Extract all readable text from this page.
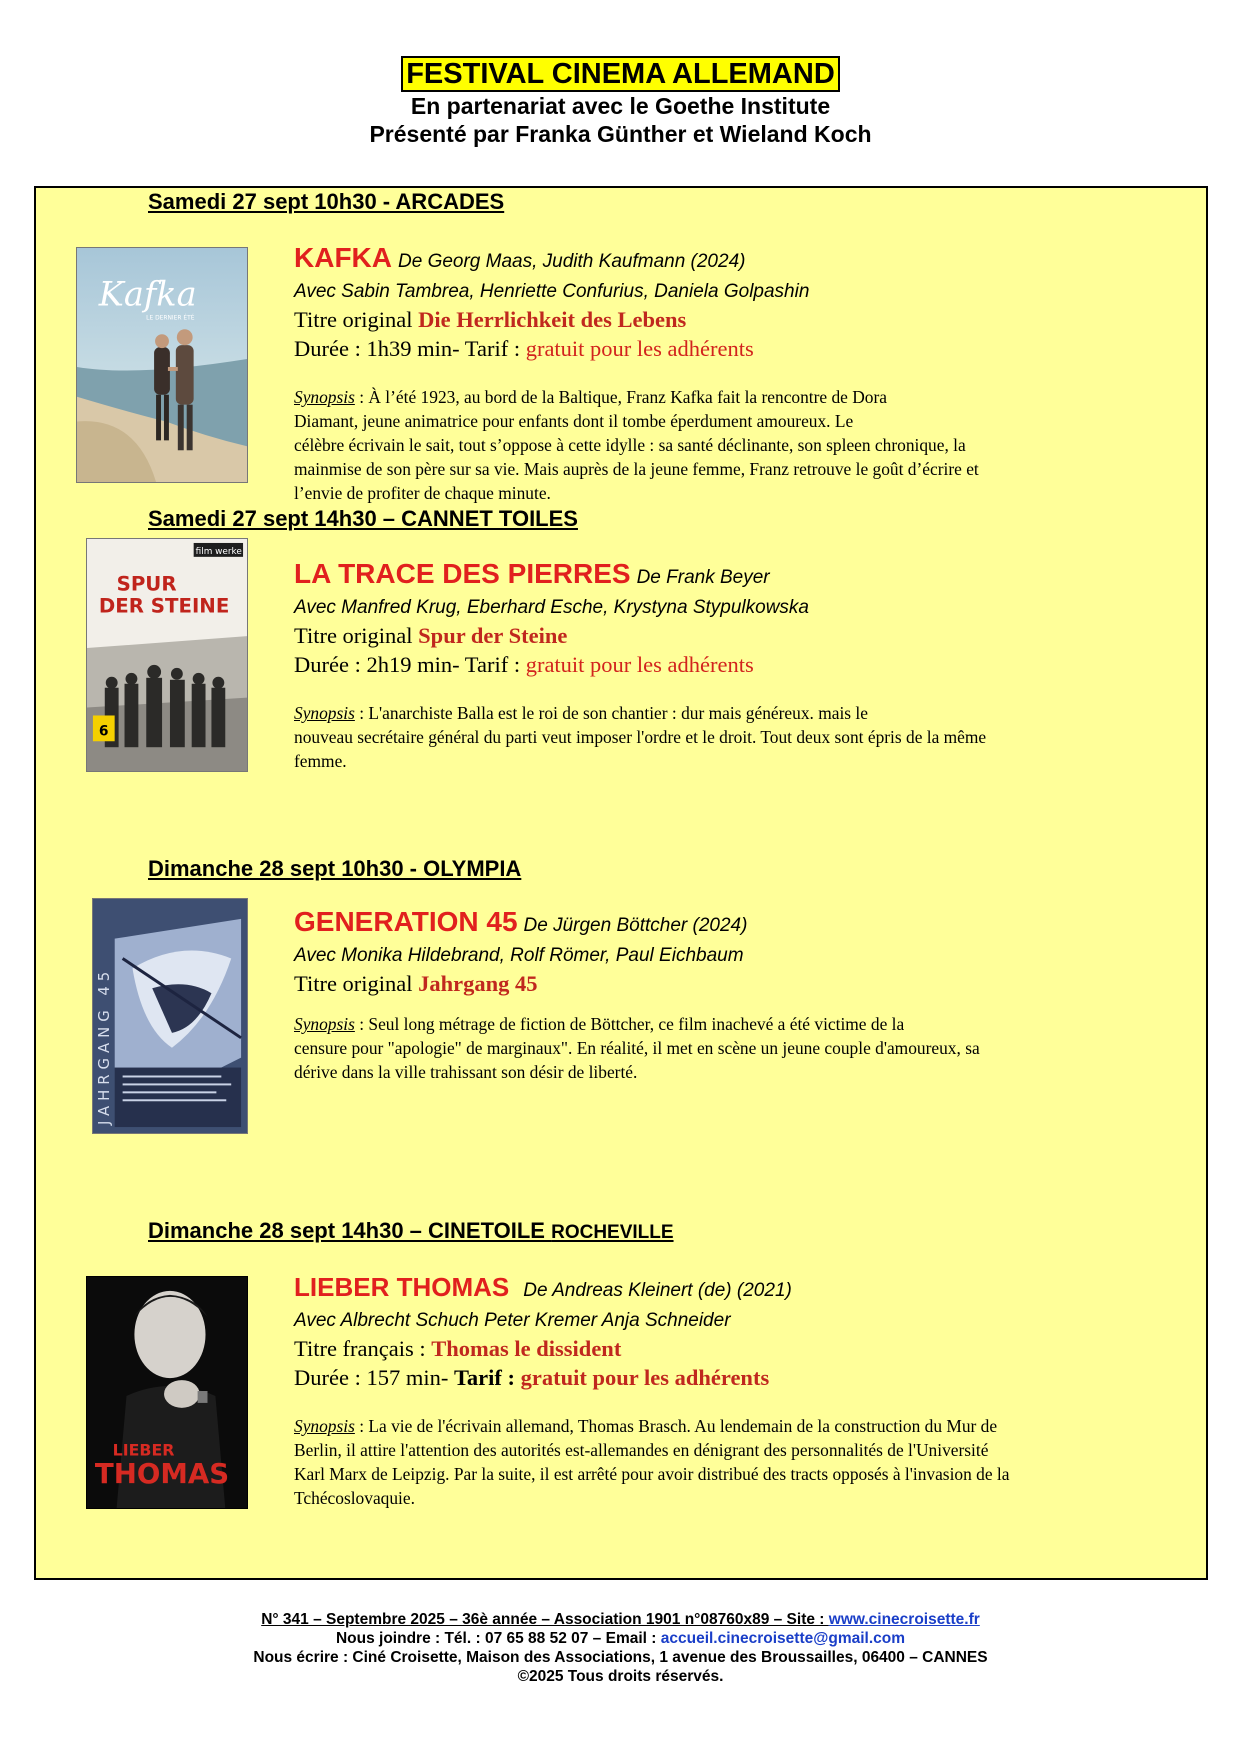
FESTIVAL CINEMA ALLEMAND
En partenariat avec le Goethe Institute
Présenté par Franka Günther et Wieland Koch
Samedi 27 sept 10h30 - ARCADES
Kafka
LE DERNIER ÉTÉ
KAFKA De Georg Maas, Judith Kaufmann (2024)
Avec Sabin Tambrea, Henriette Confurius, Daniela Golpashin
Titre original Die Herrlichkeit des Lebens
Durée : 1h39 min- Tarif : gratuit pour les adhérents
Synopsis : À l’été 1923, au bord de la Baltique, Franz Kafka fait la rencontre de Dora
Diamant, jeune animatrice pour enfants dont il tombe éperdument amoureux. Le
célèbre écrivain le sait, tout s’oppose à cette idylle : sa santé déclinante, son spleen chronique, la
mainmise de son père sur sa vie. Mais auprès de la jeune femme, Franz retrouve le goût d’écrire et
l’envie de profiter de chaque minute.
Samedi 27 sept 14h30 – CANNET TOILES
film werke
SPUR
DER STEINE
6
LA TRACE DES PIERRES De Frank Beyer
Avec Manfred Krug, Eberhard Esche, Krystyna Stypulkowska
Titre original Spur der Steine
Durée : 2h19 min- Tarif : gratuit pour les adhérents
Synopsis : L'anarchiste Balla est le roi de son chantier : dur mais généreux. mais le
nouveau secrétaire général du parti veut imposer l'ordre et le droit. Tout deux sont épris de la même
femme.
Dimanche 28 sept 10h30 - OLYMPIA
JAHRGANG 45
GENERATION 45 De Jürgen Böttcher (2024)
Avec Monika Hildebrand, Rolf Römer, Paul Eichbaum
Titre original Jahrgang 45
Synopsis : Seul long métrage de fiction de Böttcher, ce film inachevé a été victime de la
censure pour "apologie" de marginaux". En réalité, il met en scène un jeune couple d'amoureux, sa
dérive dans la ville trahissant son désir de liberté.
Dimanche 28 sept 14h30 – CINETOILE ROCHEVILLE
LIEBER
THOMAS
LIEBER THOMAS De Andreas Kleinert (de) (2021)
Avec Albrecht Schuch Peter Kremer Anja Schneider
Titre français : Thomas le dissident
Durée : 157 min- Tarif : gratuit pour les adhérents
Synopsis : La vie de l'écrivain allemand, Thomas Brasch. Au lendemain de la construction du Mur de
Berlin, il attire l'attention des autorités est-allemandes en dénigrant des personnalités de l'Université
Karl Marx de Leipzig. Par la suite, il est arrêté pour avoir distribué des tracts opposés à l'invasion de la
Tchécoslovaquie.
N° 341 – Septembre 2025 – 36è année – Association 1901 n°08760x89 – Site : www.cinecroisette.fr
Nous joindre : Tél. : 07 65 88 52 07 – Email : accueil.cinecroisette@gmail.com
Nous écrire : Ciné Croisette, Maison des Associations, 1 avenue des Broussailles, 06400 – CANNES
©2025 Tous droits réservés.
